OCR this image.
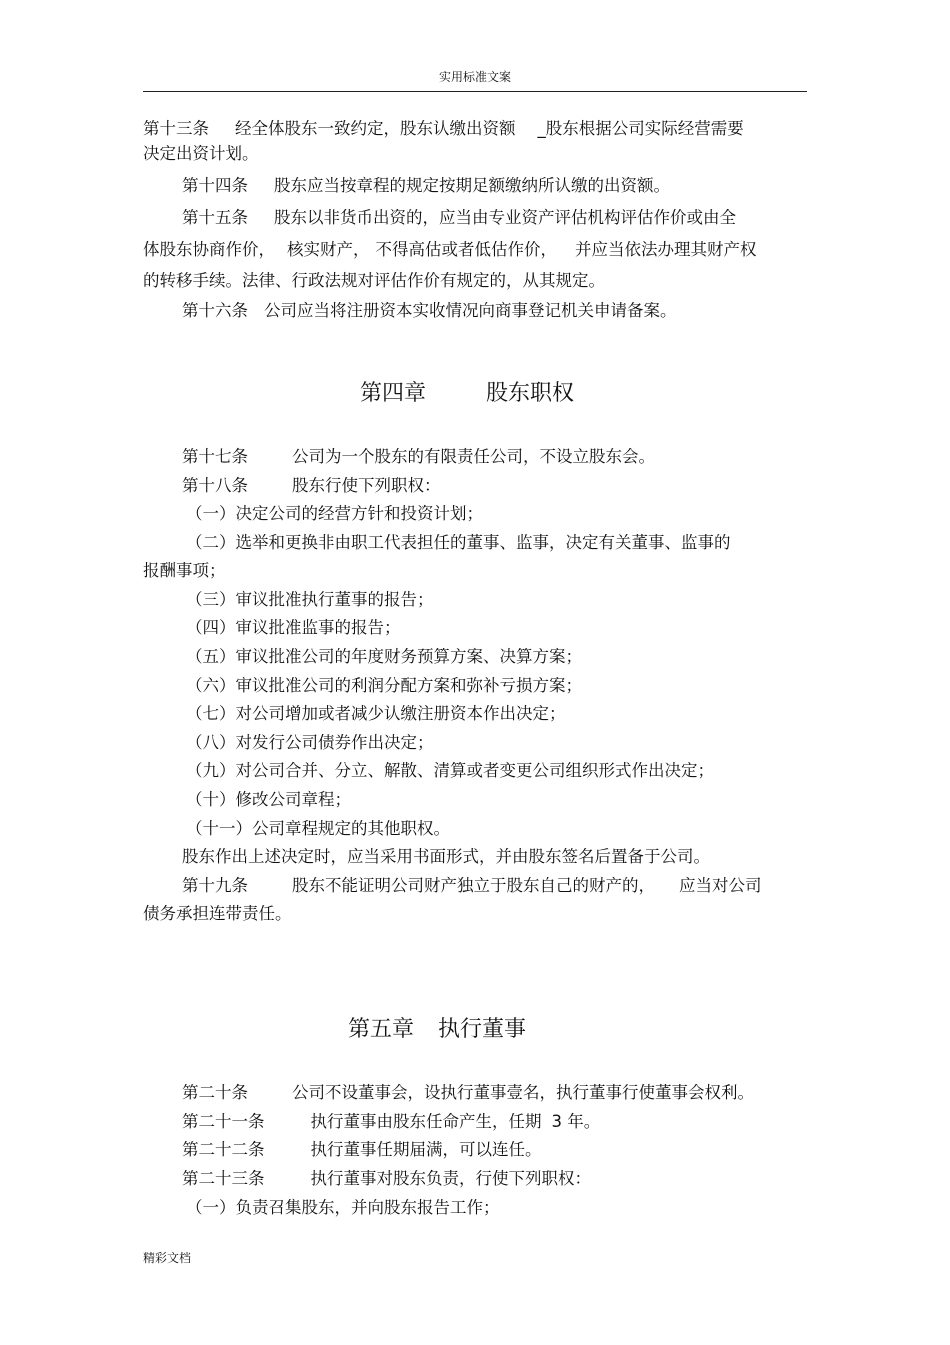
实用标准文案
第十三条 经全体股东一致约定，股东认缴出资额 _股东根据公司实际经营需要
决定出资计划。
第十四条 股东应当按章程的规定按期足额缴纳所认缴的出资额。
第十五条 股东以非货币出资的，应当由专业资产评估机构评估作价或由全
体股东协商作价， 核实财产， 不得高估或者低估作价， 并应当依法办理其财产权
的转移手续。法律、行政法规对评估作价有规定的，从其规定。
第十六条 公司应当将注册资本实收情况向商事登记机关申请备案。
第四章	股东职权
第十七条	公司为一个股东的有限责任公司，不设立股东会。
第十八条	股东行使下列职权：
（一）决定公司的经营方针和投资计划；
（二）选举和更换非由职工代表担任的董事、监事，决定有关董事、监事的
报酬事项；
（三）审议批准执行董事的报告；
（四）审议批准监事的报告；
（五）审议批准公司的年度财务预算方案、决算方案；
（六）审议批准公司的利润分配方案和弥补亏损方案；
（七）对公司增加或者减少认缴注册资本作出决定；
（八）对发行公司债券作出决定；
（九）对公司合并、分立、解散、清算或者变更公司组织形式作出决定；
（十）修改公司章程；
（十一）公司章程规定的其他职权。
股东作出上述决定时，应当采用书面形式，并由股东签名后置备于公司。
第十九条	股东不能证明公司财产独立于股东自己的财产的， 应当对公司
债务承担连带责任。
第五章 执行董事
第二十条	公司不设董事会，设执行董事壹名，执行董事行使董事会权利。
第二十一条	执行董事由股东任命产生，任期 3 年。
第二十二条	执行董事任期届满，可以连任。
第二十三条	执行董事对股东负责，行使下列职权：
（一）负责召集股东，并向股东报告工作；
精彩文档
